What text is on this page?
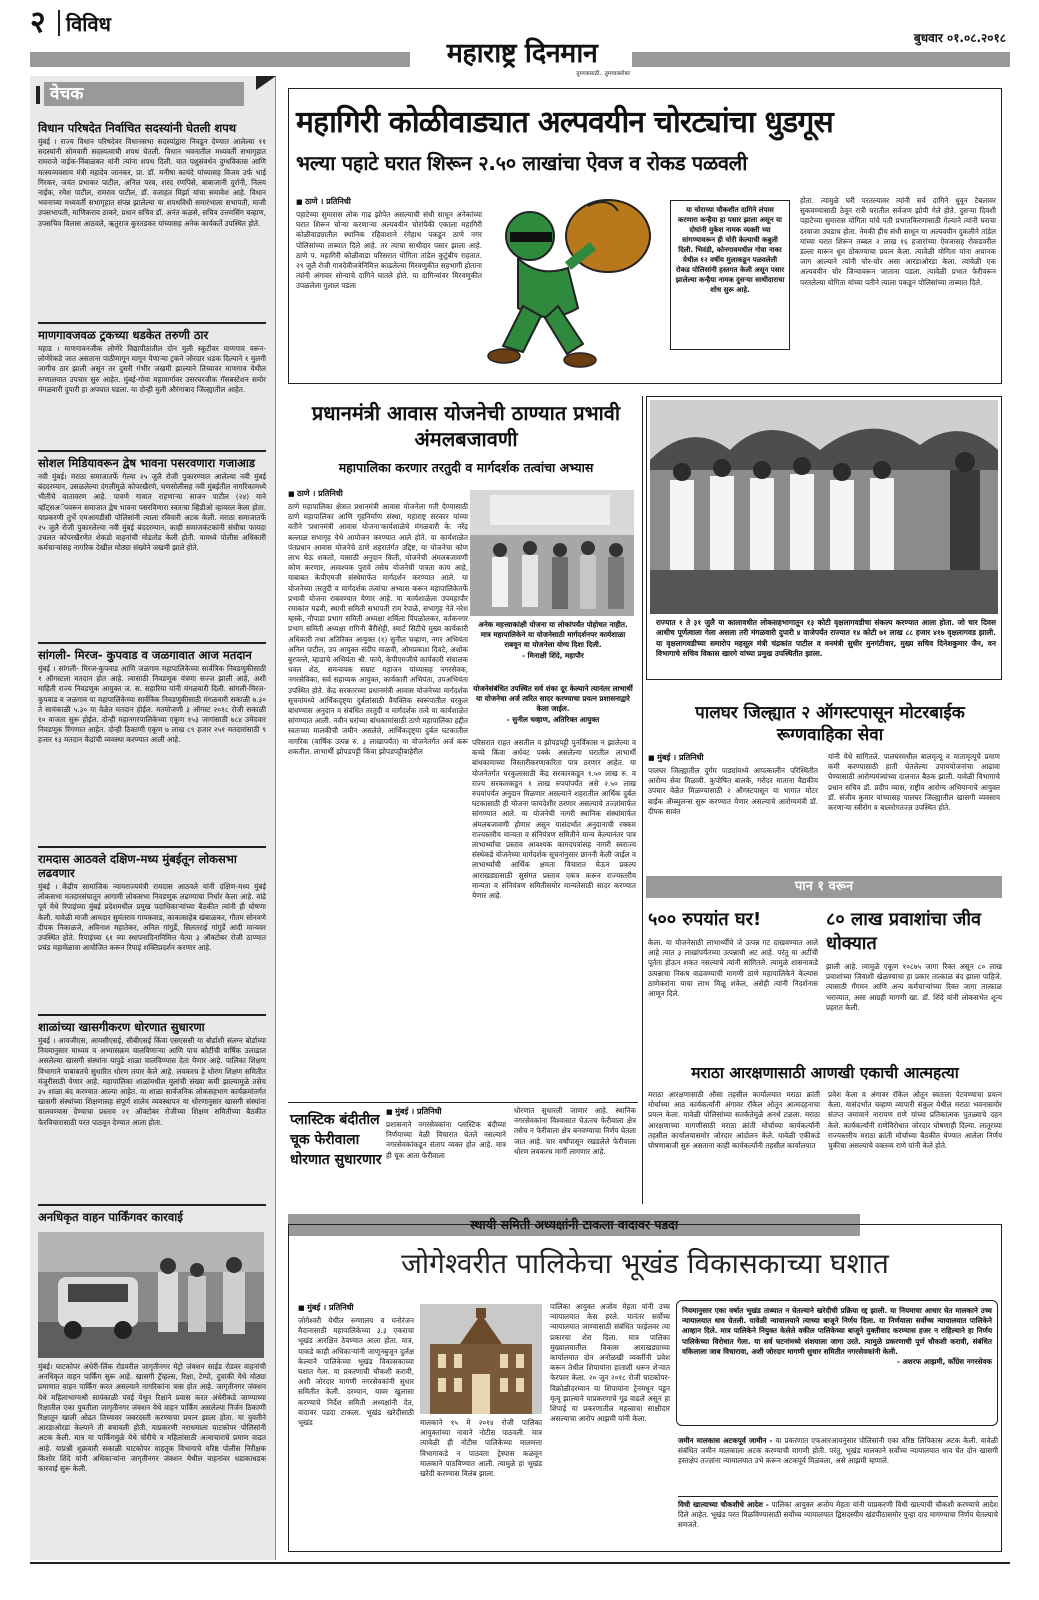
२	विविध
महाराष्ट्र दिनमान
तुमच्यासाठी.. तुमच्याबरोबर
बुधवार ०१.०८.२०१८
वेचक
विधान परिषदेत निर्वाचित सदस्यांनी घेतली शपथ
मुंबई । राज्य विधान परिषदेवर विधानसभा सदस्यांद्वारा निवडून देण्यात आलेल्या ११ सदस्यांनी सोमवारी सदस्यत्वाची शपथ घेतली. विधान भवनातील मध्यवर्ती सभागृहात रामराजे नाईक-निंबाळकर यांनी त्यांना शपथ दिली. यात पशुसंवर्धन दुग्धविकास आणि मत्स्यव्यवसाय मंत्री महादेव जानकर, प्रा. डॉ. मनीषा कायंदे यांच्यासह विजय उर्फ भाई गिरकर, जयंत प्रभाकर पाटील, अनिल परब, शरद रणपिसे, बाबाजानी दुर्रानी, निलय नाईक, रमेश पाटील, रामराव पाटील, डॉ. वजाहत मिर्झा यांचा समावेश आहे. विधान भवनाच्या मध्यवर्ती सभागृहात संपन्न झालेल्या या शपथविधी समारंभाला सभापती, माजी उपसभापती, माणिकराव ठाकरे, प्रधान सचिव डॉ. अनंत कळसे, सचिव उत्तमसिंग चव्हाण, उपसचिव विलास आठवले, ऋतुराज कुरतडकर यांच्यासह अनेक कार्यकर्ते उपस्थित होते.
माणगावजवळ ट्रकच्या धडकेत तरुणी ठार
महाड । माणगावनजीक लोणेरे विद्यापीठातील दोन मुली स्कूटीवर माणगाव वरून-लोणेरेकडे जात असताना पाठीमागून मागून येणाऱ्या ट्रकने जोरदार धडक दिल्याने १ मुलगी जागीच ठार झाली असून तर दुसरी गंभीर जखमी झाल्याने तिच्यावर माणगाव येथील रुग्णालयात उपचार सुरु आहेत. मुंबई-गोवा महामार्गावर उसरघरजीक गॅसबस्टेशन समोर मंगळवारी दुपारी हा अपघात घडला. या दोन्ही मुली औरंगाबाद जिल्ह्यातील आहेत.
सोशल मिडियावरून द्वेष भावना पसरवणारा गजाआड
नवी मुंबई। मराठा समाजातर्फे गेल्या २५ जुलै रोजी पुकारण्यात आलेल्या नवी मुंबई बंददरम्यान, उसळलेल्या दंगलीमुळे कोपरखैरणे, घणसोलीसह नवी मुंबईतील नागरिकामध्ये भीतीचे वातावरण आहे. पावणे गावात राहणाऱ्या साजन पाटील (२४) याने व्हॉट्सअॅपवरून समाजात द्वेष भावना पसरविणारा स्वतःचा व्हिडीओ व्हायरल केला होता. याप्रकरणी तुर्भे एमआयडीसी पोलिसांनी त्याला रविवारी अटक केली. मराठा समाजातर्फे २५ जुलै रोजी पुकारलेल्या नवी मुंबई बंददरम्यान, काही समाजकंटकांनी संधीचा फायदा उचलत कोपरखैरणेत शेकडो वाहनांची मोडतोड केली होती. यामध्ये पोलीस अधिकारी कर्मचाऱ्यांसह नागरिक देखील मोठ्या संख्येने जखमी झाले होते.
सांगली- मिरज- कुपवाड व जळगावात आज मतदान
मुंबई । सांगली- मिरज-कुपवाड आणि जळगाव महापालिकेच्या सार्वत्रिक निवडणुकीसाठी १ ऑगस्टला मतदान होत आहे. त्यासाठी निवडणूक यंत्रणा सज्ज झाली आहे, अशी माहिती राज्य निवडणूक आयुक्त ज. स. सहारिया यांनी मंगळवारी दिली. सांगली-मिरज- कुपवाड व जळगाव या महापालिकेच्या सार्वत्रिक निवडणुकीसाठी मंगळवारी सकाळी ७.३० ते सायंकाळी ५.३० या वेळेत मतदान होईल. मतमोजणी ३ ऑगस्ट २०१८ रोजी सकाळी १० वाजता सुरू होईल. दोन्ही महानगरपालिकेच्या एकूण १५३ जागांसाठी ७८४ उमेदवार निवडणूक रिंगणात आहेत. दोन्ही ठिकाणी एकूण ७ लाख ८९ हजार २५१ मतदारांसाठी ९ हजार १३ मतदान केंद्रांची व्यवस्था करण्यात आली आहे.
रामदास आठवले दक्षिण-मध्य मुंबईतून लोकसभा लढवणार
मुंबई । केंद्रीय सामाजिक न्यायराज्यमंत्री रामदास आठवले यांनी दक्षिण-मध्य मुंबई लोकसभा मतदारसंघातून आगामी लोकसभा निवडणूक लढण्याचा निर्धार केला आहे. वांद्रे पूर्व येथे रिपाइंच्या मुंबई प्रदेशमधील प्रमुख पदाधिकाऱ्यांच्या बैठकीत त्यांनी ही घोषणा केली. यावेळी माजी आमदार सुमंतराव गायकवाड, काकासाहेब खंबाळकर, गौतम सोनवणे दीपक निकाळजे, अविनाश महातेकर, अनिल गांगुर्डे, सिलतराई गांगुर्डे आदी मान्यवर उपस्थित होते. रिपाइंच्या ६१ व्या स्थापनादिनानिमित्त येत्या ३ ऑक्टोबर रोजी ठाण्यात प्रचंड महामेळावा आयोजित करून रिपाइं शक्तिप्रदर्शन करणार आहे.
शाळांच्या खासगीकरण धोरणात सुधारणा
मुंबई । आयजीएस, आयसीएसई, सीबीएसई किंवा एसएससी या बोर्डाशी संलग्न बोर्डाच्या नियमानुसार माध्यम व अभ्यासक्रम चालविणाऱ्या आणि पाच कोटींची वार्षिक उलाढाल असलेल्या खासगी संस्थांना यापुढे शाळा चालविण्यास देता येणार आहे. पालिका शिक्षण विभागाने याबाबतचे सुधारित धोरण तयार केले आहे. लवकरच हे धोरण शिक्षण समितीत मंजुरीसाठी येणार आहे. महापालिका शाळांमधील मुलांची संख्या कमी झाल्यामुळे तसेच ३५ शाळा बंद करण्यात आल्या आहेत. या शाळा सार्वजनिक लोकसहभाग कार्यक्रमांतर्गत खासगी संस्थांच्या शिक्षणासह संपूर्ण शालेय व्यवस्थापन या धोरणानुसार खासगी संस्थांना चालवण्यास देण्याचा प्रस्ताव २१ ऑक्टोबर रोजीच्या शिक्षण समितीच्या बैठकीत फेरविचारासाठी परत पाठवून देण्यात आला होता.
अनधिकृत वाहन पार्किंगवर कारवाई
मुंबई। घाटकोपर अंधेरी-लिंक रोडवरील जागृतीनगर मेट्रो जंक्शन साईड रोडवर वाहनांची अनधिकृत वाहन पार्किंग सुरू आहे. खासगी ट्रॅव्हल्स, रिक्षा, टेम्पो, दुचाकी येथे मोठ्या प्रमाणात वाहन पार्किंग करत असल्याने नागरिकांना त्रास होत आहे. जागृतीनगर जंक्शन येथे महिलाभाग्यश्री सायंकाळी पवई येथून रिक्षाने प्रवास करत अंधेरीकडे जाण्याच्या रिक्षातील एका युवतीला जागृतीनगर जंक्शन येथे वाहन पार्किंग असलेल्या निर्जन ठिकाणी रिक्षातून खाली ओढत तिच्यावर जबरदस्ती करण्याचा प्रयत्न झाला होता. या युवतीने आरडाओरडा केल्याने ती बचावली होती. याप्रकरणी नराधमाला घाटकोपर पोलिसांनी अटक केली. मात्र या पार्किंगमुळे येथे चोरीचे व महिलांसाठी अत्याचाराचे प्रमाण वाढत आहे. याप्रश्नी शुक्रवारी सकाळी घाटकोपर वाहतूक विभागाचे वरिष्ठ पोलीस निरीक्षक किशोर शिंदे यांनी अधिकाऱ्यांना जागृतीनगर जंक्शन येथील वाहनांवर धडाकाधडक कारवाई सुरू केली.
महागिरी कोळीवाड्यात अल्पवयीन चोरट्यांचा धुडगूस
भल्या पहाटे घरात शिरून २.५० लाखांचा ऐवज व रोकड पळवली
■ ठाणे । प्रतिनिधी
पहाटेच्या सुमारास लोक गाढ झोपेत असल्याची संधी साधून अनेकांच्या घरात शिरून चोऱ्या करणाऱ्या अल्पवयीन चोरांपैकी एकाला महागिरी कोळीवाड्यातील स्थानिक रहिवाशाने रंगेहाथ पकडून ठाणे नगर पोलिसांच्या ताब्यात दिले आहे. तर त्याचा साथीदार पसार झाला आहे. ठाणे प. महागिरी कोळीवाडा परिसरात योगिता तांडेल कुटुंबीय राहतात. २९ जुलै रोजी गावदेवीजत्रेनिमित्त काढलेल्या मिरवणुकीत सहभागी होताना त्यांनी अंगावर सोन्याचे दागिने घातले होते. या दागिन्यांवर मिरवणुकीत उपळलेला गुलाल पडला
या चोराच्या चौकशीत दागिने लंपास करणारा कन्हैया हा पसार झाला असून या दोघांनी मुकेश नामक व्यक्ती च्या सांगण्यावरून ही चोरी केल्याची कबुली दिली. भिवंडी, कोनगावमधील गोवा नाका येथील १२ वर्षीय मुलाकडून पळवलेली रोकड पोलिसांनी हस्तगत केली असून पसार झालेल्या कन्हैया नामक दुसऱ्या साथीदाराचा शोध सुरू आहे.
होता. त्यामुळे घरी परतल्यावर त्यांनी सर्व दागिने धुवून टेबलावर सुकवण्यासाठी ठेवून रात्री घरातील सर्वजण झोपी गेले होते. दुसऱ्या दिवशी पहाटेच्या सुमारास योगिता यांचे पती प्रभातकिरणासाठी गेल्याने त्यांनी घराचा दरवाजा उघडाच होता. नेमकी हीच संधी साधून या अल्पवयीन दुकलीने तांडेल यांच्या घरात शिरून तब्बल २ लाख १६ हजारांच्या ऐवजासह रोकडवरील डल्ला मारून धूम ठोकण्याचा प्रयत्न केला. त्यावेळी योगिता यांना अचानक जाग आल्याने त्यांनी चोर-चोर असा आरडाओरडा केला. त्यावेळी एक अल्पवयीन चोर जिन्यावरून जाताना पडला. त्यावेळी प्रभात फेरीवरून परतलेल्या योगिता यांच्या पतीने त्याला पकडून पोलिसांच्या ताब्यात दिले.
प्रधानमंत्री आवास योजनेची ठाण्यात प्रभावी अंमलबजावणी
महापालिका करणार तरतुदी व मार्गदर्शक तत्वांचा अभ्यास
■ ठाणे । प्रतिनिधी
ठाणे महापालिका क्षेत्रात प्रधानमंत्री आवास योजनेला गती देण्यासाठी ठाणे महापालिका आणि गृहनिर्माण संस्था, महाराष्ट्र सरकार यांच्या वतीने 'प्रधानमंत्री आवास योजना'कार्यशाळेचे मंगळवारी के. नरेंद्र बल्लाळ सभागृह येथे आयोजन करण्यात आले होते. या कार्यशाळेत पंतप्रधान आवास योजनेचे ठाणे शहरातंर्गत उद्दिष्ट, या योजनेचा कोण लाभ घेऊ शकतो, यासाठी अनुदान किती, योजनेची अंमलबजावणी कोण करणार, आवश्यक पुरावे तसेच योजनेची पात्रता काय आहे, याबाबत केपीएमजी संस्थेमार्फत मार्गदर्शन करण्यात आले. या योजनेच्या तरतुदी व मार्गदर्शक तत्वांचा अभ्यास करून महापालिकेतर्फे प्रभावी योजना राबवण्यात येणार आहे. या कार्यशाळेला उपमहापौर रमाकांत मढवी, स्थायी समिती सभापती राम रेपाळे, सभागृह नेते नरेश म्हस्के, नौपाडा प्रभाग समिती अध्यक्षा शर्मिला पिंपळोलकर, वर्तकनगर प्रभाग समिती अध्यक्षा रागिनी बैरीशेट्टी, स्मार्ट सिटीचे मुख्य कार्यकारी अधिकारी तथा अतिरिक्त आयुक्त (१) सुनील चव्हाण, नगर अभियंता अनिल पाटील, उप आयुक्त संदीप माळवी, ओमप्रकाश दिवटे, अशोक बुरपल्ले, म्हाडाचे अभियंता श्री. फाये, केपीएमजीचे कार्यकारी संचालक धवल शेठ, समन्वयक सम्राट महाजन यांच्यासह नगरसेवक, नगरसेविका, सर्व सहाय्यक आयुक्त, कार्यकारी अभियंता, उपअभियंता उपस्थित होते. केंद्र सरकारच्या प्रधानमंत्री आवास योजनेच्या मार्गदर्शक सूचनांमध्ये आर्थिकदृष्ट्या दुर्बलांसाठी वैयक्तिक स्वरूपातील घरकुल बांधण्यास अनुदान व संबंधित तरतुदी व मार्गदर्शक तत्वे या कार्यशाळेत सांगण्यात आली. नवीन घरांच्या बांधकामांसाठी ठाणे महापालिका हद्दीत स्वतःच्या मालकीची जमीन असलेले, आर्थिकदृष्ट्या दुर्बल घटकातील नागरिक (वार्षिक उत्पन्न रु. ३ लाखापर्यंत) या योजनेतर्गत अर्ज करू शकतील. लाभार्थी झोपडपट्टी किंवा झोपडपट्टीबाहेरील
अनेक महत्त्वाकांक्षी योजना या लोकांपर्यंत पोहोचत नाहीत. मात्र महापालिकेने या योजनेसाठी मार्गदर्शनपर कार्यशाळा राबवून या योजनेला योग्य दिशा दिली.
- मिनाक्षी शिंदे, महापौर
योजनेसंबंधित उपस्थित सर्व शंका दूर केल्याने त्यानंतर लाभार्थी या योजनेचा अर्ज त्वरित सादर करण्याचा प्रयत्न प्रशासनाद्वारे केला जाईल.
- सुनील चव्हाण, अतिरिक्त आयुक्त
परिसरात राहत असतील व झोपडपट्टी पुनर्विकास न झालेल्या व कच्चे किंवा अर्धवट पक्के असलेल्या घरातील लाभार्थी बांधकामाच्या विस्तारीकरणाकरिता पात्र ठरणार आहेत. या योजनेतर्गत घरकुलासाठी केंद्र सरकारकडून १.५० लाख रु. व राज्य सरकारकडून १ लाख रुपयांपर्यंत असे २.५० लाख रुपयांपर्यंत अनुदान मिळणार असल्याने शहरातील आर्थिक दुर्बल घटकासाठी ही योजना फायदेशीर ठरणार असल्याचे तज्ज्ञांमार्फत सांगण्यात आले. या योजनेची नागरी स्थानिक संस्थांमार्फत अंमलबजावणी होणार असून यासंदर्भात अनुदानाची रक्कम राज्यस्तरीय मान्यता व संनियंत्रण समितीने मान्य केल्यानंतर पात्र लाभार्थ्यांचा प्रस्ताव आवश्यक कागदपत्रांसह नागरी स्वराज्य संस्थेकडे योजनेच्या मार्गदर्शक सूचनांनुसार छाननी केली जाईल व लाभार्थ्यांची आर्थिक क्षमता विचारात घेऊन प्रकल्प आराखड्यासाठी सुसंगत प्रस्ताव एकत्र करून राज्यस्तरीय मान्यता व संनियंत्रण समितीसमोर मान्यतेसाठी सादर करण्यात येणार आहे.
राज्यात १ ते ३१ जुलै या कालावधीत लोकसहभागातून १३ कोटी वृक्षलागवडीचा संकल्प करण्यात आला होता. जो चार दिवस आधीच पूर्णत्वाला गेला असला तरी मंगळवारी दुपारी ४ वाजेपर्यंत राज्यात १४ कोटी ७१ लाख ८८ हजार ४१७ वृक्षलागवड झाली. या वृक्षलागवडीच्या समारोप महसूल मंत्री चंद्रकांत पाटील व वनमंत्री सुधीर मुनगंटीवार, मुख्य सचिव दिनेशकुमार जैन, वन विभागाचे सचिव विकास खारगे यांच्या प्रमुख उपस्थितीत झाला.
पालघर जिल्ह्यात २ ऑगस्टपासून मोटरबाईक रूग्णवाहिका सेवा
■ मुंबई । प्रतिनिधी
पालघर जिल्ह्यातील दुर्गम पाड्यांमध्ये आपत्कालीन परिस्थितीत आरोग्य सेवा मिळावी. कुपोषित बालके, गरोदर माताना वैद्यकीय उपचार वेळेत मिळण्यासाठी २ ऑगस्टपासून या भागात मोटर बाईक ॲम्ब्युलन्स सुरू करण्यात येणार असल्याचे आरोग्यमंत्री डॉ. दीपक सावंत
यांनी येथे सांगितले. पालघरमधील बालमृत्यू व मातामृत्यूचे प्रमाण कमी करण्यासाठी हाती घेतलेल्या उपाययोजनांचा आढावा घेण्यासाठी आरोग्यमंत्र्यांच्या दालनात बैठक झाली. यावेळी विभागाचे प्रधान सचिव डॉ. प्रदीप व्यास, राष्ट्रीय आरोग्य अभियानाचे आयुक्त डॉ. संजीव कुमार यांच्यासह पालघर जिल्ह्यातील खासगी व्यवसाय करणाऱ्या स्त्रीरोग व बालरोगतज्ज्ञ उपस्थित होते.
पान १ वरून
५०० रुपयांत घर!
केला. या योजनेसाठी लाभार्थ्यीचे जे उत्पन्न गट दाखवण्यात आले आहे त्यात ३ लाखांपर्यंतच्या उत्पन्नाची अट आहे. परंतु या अटींची पूर्तता होऊन शकत नसल्याचे त्यांनी सांगितले. त्यामुळे शासनाकडे उत्पन्नाचा निकष वाढवण्याची मागणी ठाणे महापालिकेने केल्यास ठाणेकरांना याचा लाभ मिळू शकेल, असेही त्यांनी निदर्शनास आणून दिले.
८० लाख प्रवाशांचा जीव धोक्यात
झाली आहे. त्यामुळे एकूण १०८७५ जागा रिक्त असून ८० लाख प्रवाशांच्या जिवाशी खेळण्याचा हा प्रकार तात्काळ बंद झाला पाहिजे. त्यासाठी गँगमन आणि अन्य कर्मचाऱ्यांच्या रिक्त जागा तात्काळ भराव्यात, असा आग्रही मागणी खा. डॉ. शिंदे यांनी लोकसभेत शून्य प्रहरात केली.
मराठा आरक्षणासाठी आणखी एकाची आत्महत्या
मराठा आरक्षणासाठी औसा तहसील कार्यालयात मराठा क्रांती मोर्चाच्या आठ कार्यकर्त्यांनी अंगावर रॉकेल ओतून आत्मदहनाचा प्रयत्न केला. यावेळी पोलिसांच्या सतर्कतेमुळे अनर्थ टळला. मराठा आरक्षणाच्या मागणीसाठी मराठा क्रांती मोर्चाच्या कार्यकर्त्यांनी तहसील कार्यालयासमोर जोरदार आंदोलन केले. यावेळी एकीकडे घोषणाबाजी सुरु असताना काही कार्यकर्त्यांनी तहसील कार्यालयात
प्रवेश केला व अंगावर रॉकेल ओतून स्वतःला पेटवण्याचा प्रयत्न केला. यासंदर्भात चव्हाण व्यापारी संकुल येथील मराठा भवनासमोर संतप्त जमावाने नारायण राणे यांच्या प्रतिकात्मक पुतळ्याचे दहन केले. कार्यकर्त्यांनी राणेविरोधात जोरदार घोषणाही दिल्या. लातूरच्या राज्यस्तरीय मराठा क्रांती मोर्चाच्या बैठकीत घेण्यात आलेला निर्णय चुकीचा असल्याचे वक्तव्य राणे यांनी केले होते.
प्लास्टिक बंदीतील चूक फेरीवाला धोरणात सुधारणार
■ मुंबई । प्रतिनिधी
प्रशासनाने नगरसेवकांना प्लास्टिक बंदीच्या निर्णयाच्या वेळी विचारात घेतले नसल्याने नगरसेवकांकडून संताप व्यक्त होत आहे. मात्र ही चूक आता फेरीवाला
धोरणात सुधारली जाणार आहे. स्थानिक नगरसेवकांना विश्वासात घेऊनच फेरीवाला क्षेत्र तसेच न फेरीवाला क्षेत्र बनवण्याचा निर्णय घेतला जात आहे. चार वर्षांपासून रखडलेले फेरीवाला धोरण लवकरच मार्गी लागणार आहे.
स्थायी समिती अध्यक्षांनी टाकला वादावर पडदा
जोगेश्वरीत पालिकेचा भूखंड विकासकाच्या घशात
■ मुंबई । प्रतिनिधी
जोगेश्वरी येथील रुग्णालय व मनोरंजन मैदानासाठी महापालिकेच्या ३.३ एकराचा भूखंड आरक्षित ठेवण्यात आला होता. मात्र, याकडे काही अधिकाऱ्यांनी जाणूनबुजून दुर्लक्ष केल्याने पालिकेच्या भूखंड विकासकाच्या घशात गेला. या प्रकरणाची चौकशी करावी, अशी जोरदार मागणी नगरसेवकांनी सुधार समितीत केली. दरम्यान, यावर खुलासा करण्याचे निर्देश समिती अध्यक्षांनी देत, वादावर पडदा टाकला. भूखंड खरेदीसाठी भूखंड	मालकाने १५ मे २०१४ रोजी पालिका आयुक्तांच्या नावाने नोटीस पाठवली. मात्र त्यावेळी ही नोटीस पालिकेच्या मालमत्ता विभागाकडे न पाठवता ट्रेस्पास कळवून मालकाने पाठविण्यात आली. त्यामुळे हा भूखंड खरेदी करण्यास विलंब झाला.
पालिका आयुक्त अजोय मेहता यांनी उच्च न्यायालयात केस हरले. यानंतर सर्वोच्च न्यायालयात जाण्यासाठी संबंधित फाईलवर त्या प्रकारचा शेरा दिला. मात्र पालिका मुख्यालयातील विकास आराखड्याच्या कार्यालयात दोन अनोळखी व्यक्तींनी प्रवेश करून तेथील शिपायांना हाताशी धरून शेऱ्यात फेरफार केला. २० जून २०१८ रोजी घाटकोपर-विक्रोळीदरम्यान या शिपायांना ट्रेनमधून पडून मृत्यू झाल्याने याप्रकरणाचे गूढ वाढले असून हा शिपाई या प्रकरणातील महत्त्वाचा साक्षीदार असल्याचा आरोप आझमी यांनी केला.
नियमानुसार एका वर्षात भूखंड ताब्यात न घेतल्याने खरेदीची प्रक्रिया रद्द झाली. या नियमाचा आधार घेत मालकाने उच्च न्यायालयात धाव घेतली. यावेळी न्यायालयाने त्याच्या बाजूने निर्णय दिला. या निर्णयाला सर्वोच्च न्यायालयात पालिकेने आव्हान दिले. मात्र पालिकेने नियुक्त केलेले वकील पालिकेच्या बाजूने युक्तीवाद करण्यास हजर न राहिल्याने हा निर्णय पालिकेच्या विरोधात गेला. या सर्व घटनांमध्ये संशयाला जागा उरते. त्यामुळे प्रकरणाची पूर्ण चौकशी करावी, संबंधित वकिलाला जाब विचारावा, अशी जोरदार मागणी सुधार समितीत नगरसेवकांनी केली.
- अशरफ आझमी, काँग्रेस नगरसेवक
जमीन मालकास अटकपूर्व जामीन - या प्रकरणात एफआरआयनुसार पोलिसांनी एका वरिष्ठ लिपिकास अटक केली. यावेळी संबंधित जमीन मालकाला अटक करण्याची मागणी होती. परंतु, भूखंड मालकाने सर्वोच्च न्यायालयात धाव घेत दोन खासगी हस्तक्षेप तज्ज्ञांना न्यायालयात उभे करून अटकपूर्व मिळवला, असे आझमी म्हणाले.
विधी खात्याच्या चौकशीचे आदेश - पालिका आयुक्त अजोय मेहता यांनी याप्रकरणी विधी खात्याची चौकशी करण्याचे आदेश दिले आहेत. भूखंड परत मिळविण्यासाठी सर्वोच्च न्यायालयात द्विसदस्यीय खंडपीठासमोर पुन्हा दाद मागण्याचा निर्णय घेतल्याचे समजते.
